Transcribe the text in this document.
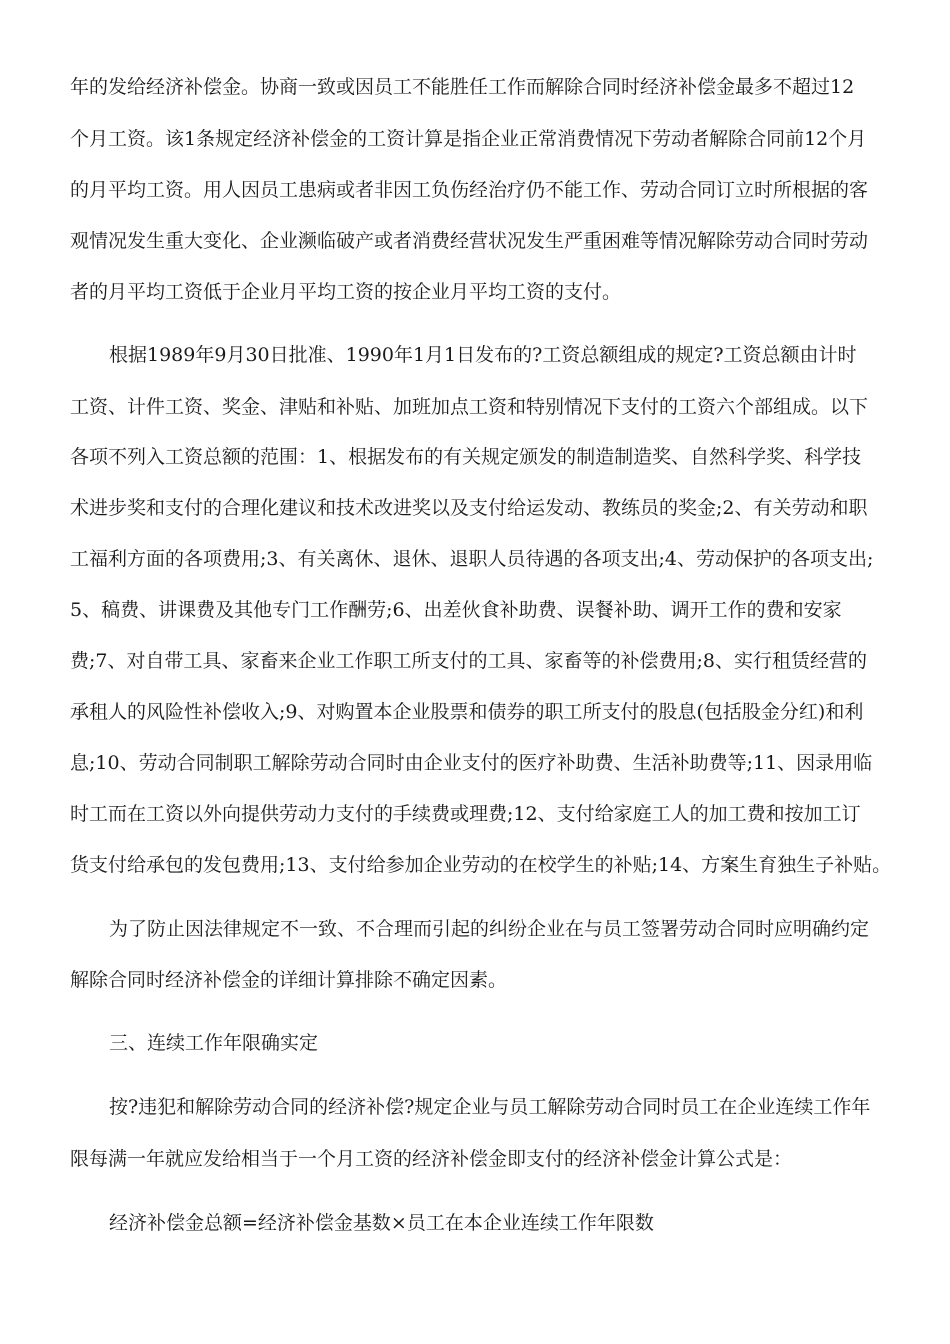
年的发给经济补偿金。协商一致或因员工不能胜任工作而解除合同时经济补偿金最多不超过12
个月工资。该1条规定经济补偿金的工资计算是指企业正常消费情况下劳动者解除合同前12个月
的月平均工资。用人因员工患病或者非因工负伤经治疗仍不能工作、劳动合同订立时所根据的客
观情况发生重大变化、企业濒临破产或者消费经营状况发生严重困难等情况解除劳动合同时劳动
者的月平均工资低于企业月平均工资的按企业月平均工资的支付。
根据1989年9月30日批准、1990年1月1日发布的?工资总额组成的规定?工资总额由计时
工资、计件工资、奖金、津贴和补贴、加班加点工资和特别情况下支付的工资六个部组成。以下
各项不列入工资总额的范围：1、根据发布的有关规定颁发的制造制造奖、自然科学奖、科学技
术进步奖和支付的合理化建议和技术改进奖以及支付给运发动、教练员的奖金;2、有关劳动和职
工福利方面的各项费用;3、有关离休、退休、退职人员待遇的各项支出;4、劳动保护的各项支出;
5、稿费、讲课费及其他专门工作酬劳;6、出差伙食补助费、误餐补助、调开工作的费和安家
费;7、对自带工具、家畜来企业工作职工所支付的工具、家畜等的补偿费用;8、实行租赁经营的
承租人的风险性补偿收入;9、对购置本企业股票和债券的职工所支付的股息(包括股金分红)和利
息;10、劳动合同制职工解除劳动合同时由企业支付的医疗补助费、生活补助费等;11、因录用临
时工而在工资以外向提供劳动力支付的手续费或理费;12、支付给家庭工人的加工费和按加工订
货支付给承包的发包费用;13、支付给参加企业劳动的在校学生的补贴;14、方案生育独生子补贴。
为了防止因法律规定不一致、不合理而引起的纠纷企业在与员工签署劳动合同时应明确约定
解除合同时经济补偿金的详细计算排除不确定因素。
三、连续工作年限确实定
按?违犯和解除劳动合同的经济补偿?规定企业与员工解除劳动合同时员工在企业连续工作年
限每满一年就应发给相当于一个月工资的经济补偿金即支付的经济补偿金计算公式是：
经济补偿金总额=经济补偿金基数×员工在本企业连续工作年限数
